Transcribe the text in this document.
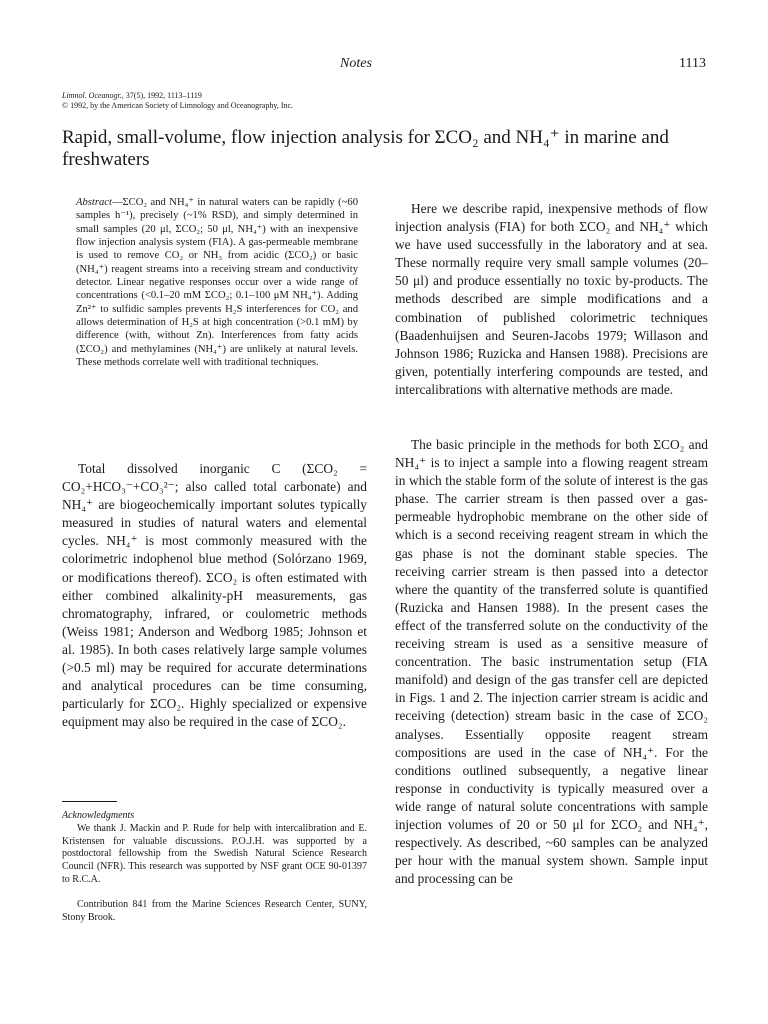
Notes	1113
Limnol. Oceanogr., 37(5), 1992, 1113–1119
© 1992, by the American Society of Limnology and Oceanography, Inc.
Rapid, small-volume, flow injection analysis for ΣCO₂ and NH₄⁺ in marine and freshwaters

Abstract—ΣCO₂ and NH₄⁺ in natural waters can be rapidly (~60 samples h⁻¹), precisely (~1% RSD), and simply determined in small samples (20 μl, ΣCO₂; 50 μl, NH₄⁺) with an inexpensive flow injection analysis system (FIA). A gas-permeable membrane is used to remove CO₂ or NH₃ from acidic (ΣCO₂) or basic (NH₄⁺) reagent streams into a receiving stream and conductivity detector. Linear negative responses occur over a wide range of concentrations (<0.1–20 mM ΣCO₂; 0.1–100 μM NH₄⁺). Adding Zn²⁺ to sulfidic samples prevents H₂S interferences for CO₂ and allows determination of H₂S at high concentration (>0.1 mM) by difference (with, without Zn). Interferences from fatty acids (ΣCO₂) and methylamines (NH₄⁺) are unlikely at natural levels. These methods correlate well with traditional techniques.

Total dissolved inorganic C (ΣCO₂ = CO₂+HCO₃⁻+CO₃²⁻; also called total carbonate) and NH₄⁺ are biogeochemically important solutes typically measured in studies of natural waters and elemental cycles. NH₄⁺ is most commonly measured with the colorimetric indophenol blue method (Solórzano 1969, or modifications thereof). ΣCO₂ is often estimated with either combined alkalinity-pH measurements, gas chromatography, infrared, or coulometric methods (Weiss 1981; Anderson and Wedborg 1985; Johnson et al. 1985). In both cases relatively large sample volumes (>0.5 ml) may be required for accurate determinations and analytical procedures can be time consuming, particularly for ΣCO₂. Highly specialized or expensive equipment may also be required in the case of ΣCO₂.

Acknowledgments

We thank J. Mackin and P. Rude for help with intercalibration and E. Kristensen for valuable discussions. P.O.J.H. was supported by a postdoctoral fellowship from the Swedish Natural Science Research Council (NFR). This research was supported by NSF grant OCE 90-01397 to R.C.A.

Contribution 841 from the Marine Sciences Research Center, SUNY, Stony Brook.

Here we describe rapid, inexpensive methods of flow injection analysis (FIA) for both ΣCO₂ and NH₄⁺ which we have used successfully in the laboratory and at sea. These normally require very small sample volumes (20–50 μl) and produce essentially no toxic by-products. The methods described are simple modifications and a combination of published colorimetric techniques (Baadenhuijsen and Seuren-Jacobs 1979; Willason and Johnson 1986; Ruzicka and Hansen 1988). Precisions are given, potentially interfering compounds are tested, and intercalibrations with alternative methods are made.

The basic principle in the methods for both ΣCO₂ and NH₄⁺ is to inject a sample into a flowing reagent stream in which the stable form of the solute of interest is the gas phase. The carrier stream is then passed over a gas-permeable hydrophobic membrane on the other side of which is a second receiving reagent stream in which the gas phase is not the dominant stable species. The receiving carrier stream is then passed into a detector where the quantity of the transferred solute is quantified (Ruzicka and Hansen 1988). In the present cases the effect of the transferred solute on the conductivity of the receiving stream is used as a sensitive measure of concentration. The basic instrumentation setup (FIA manifold) and design of the gas transfer cell are depicted in Figs. 1 and 2. The injection carrier stream is acidic and receiving (detection) stream basic in the case of ΣCO₂ analyses. Essentially opposite reagent stream compositions are used in the case of NH₄⁺. For the conditions outlined subsequently, a negative linear response in conductivity is typically measured over a wide range of natural solute concentrations with sample injection volumes of 20 or 50 μl for ΣCO₂ and NH₄⁺, respectively. As described, ~60 samples can be analyzed per hour with the manual system shown. Sample input and processing can be
